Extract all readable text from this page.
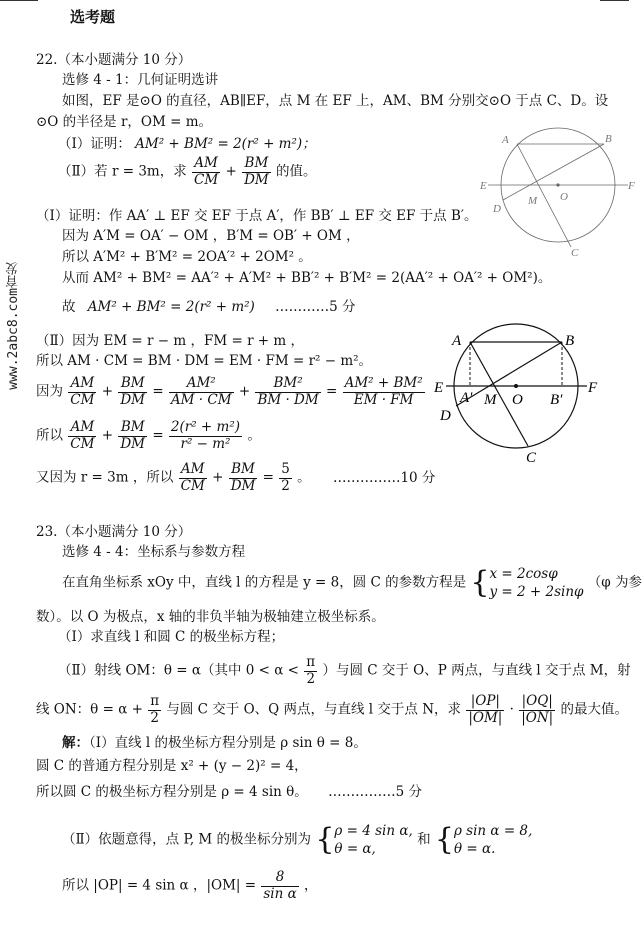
选考题
www.2abc8.com育发
22.（本小题满分 10 分）
选修 4 - 1：几何证明选讲
如图，EF 是⊙O 的直径，AB∥EF，点 M 在 EF 上，AM、BM 分别交⊙O 于点 C、D。设
⊙O 的半径是 r，OM = m。
（Ⅰ）证明： AM² + BM² = 2(r² + m²)；
（Ⅱ）若 r = 3m，求 $\frac{AM}{CM} + \frac{BM}{DM}$ 的值。
A	B
E	F
M O
D
C
（Ⅰ）证明：作 AA′ ⊥ EF 交 EF 于点 A′，作 BB′ ⊥ EF 交 EF 于点 B′。
因为 A′M = OA′ − OM ，B′M = OB′ + OM ，
所以 A′M² + B′M² = 2OA′² + 2OM² 。
从而 AM² + BM² = AA′² + A′M² + BB′² + B′M² = 2(AA′² + OA′² + OM²)。
故 AM² + BM² = 2(r² + m²) …………5 分
（Ⅱ）因为 EM = r − m ，FM = r + m ，
所以 AM · CM = BM · DM = EM · FM = r² − m²。
因为 $\frac{AM}{CM} + \frac{BM}{DM} = \frac{\text{AM²}}{AM \cdot CM} + \frac{\text{BM²}}{BM \cdot DM} = \frac{\text{AM² + BM²}}{EM \cdot FM}$
所以 $\frac{AM}{CM} + \frac{BM}{DM} = \frac{\text{2(r² + m²)}}{\text{r² − m²}}$ 。
又因为 r = 3m ，所以 $\frac{AM}{CM} + \frac{BM}{DM} = \frac{5}{2}$ 。 ……………10 分
A	B
E	F
A′ M O B′
D
C
23.（本小题满分 10 分）
选修 4 - 4：坐标系与参数方程
在直角坐标系 xOy 中，直线 l 的方程是 y = 8，圆 C 的参数方程是 { x = 2cosφ
y = 2 + 2sinφ
（φ 为参
数）。以 O 为极点，x 轴的非负半轴为极轴建立极坐标系。
（Ⅰ）求直线 l 和圆 C 的极坐标方程；
（Ⅱ）射线 OM：θ = α（其中 $0 < \alpha < \frac{\pi}{2}$ ）与圆 C 交于 O、P 两点，与直线 l 交于点 M，射
线 ON：$\theta = \alpha + \frac{\pi}{2}$ 与圆 C 交于 O、Q 两点，与直线 l 交于点 N，求 $\frac{|OP|}{|OM|} \cdot \frac{|OQ|}{|ON|}$ 的最大值。
解：（Ⅰ）直线 l 的极坐标方程分别是 ρ sin θ = 8。
圆 C 的普通方程分别是 x² + (y − 2)² = 4，
所以圆 C 的极坐标方程分别是 ρ = 4 sin θ。 ……………5 分
（Ⅱ）依题意得，点 P, M 的极坐标分别为 { ρ = 4 sin α,
θ = α,
和 { ρ sin α = 8,
θ = α.
所以 |OP| = 4 sin α ，$|OM| = \frac{8}{\text{sin α}}$ ，
